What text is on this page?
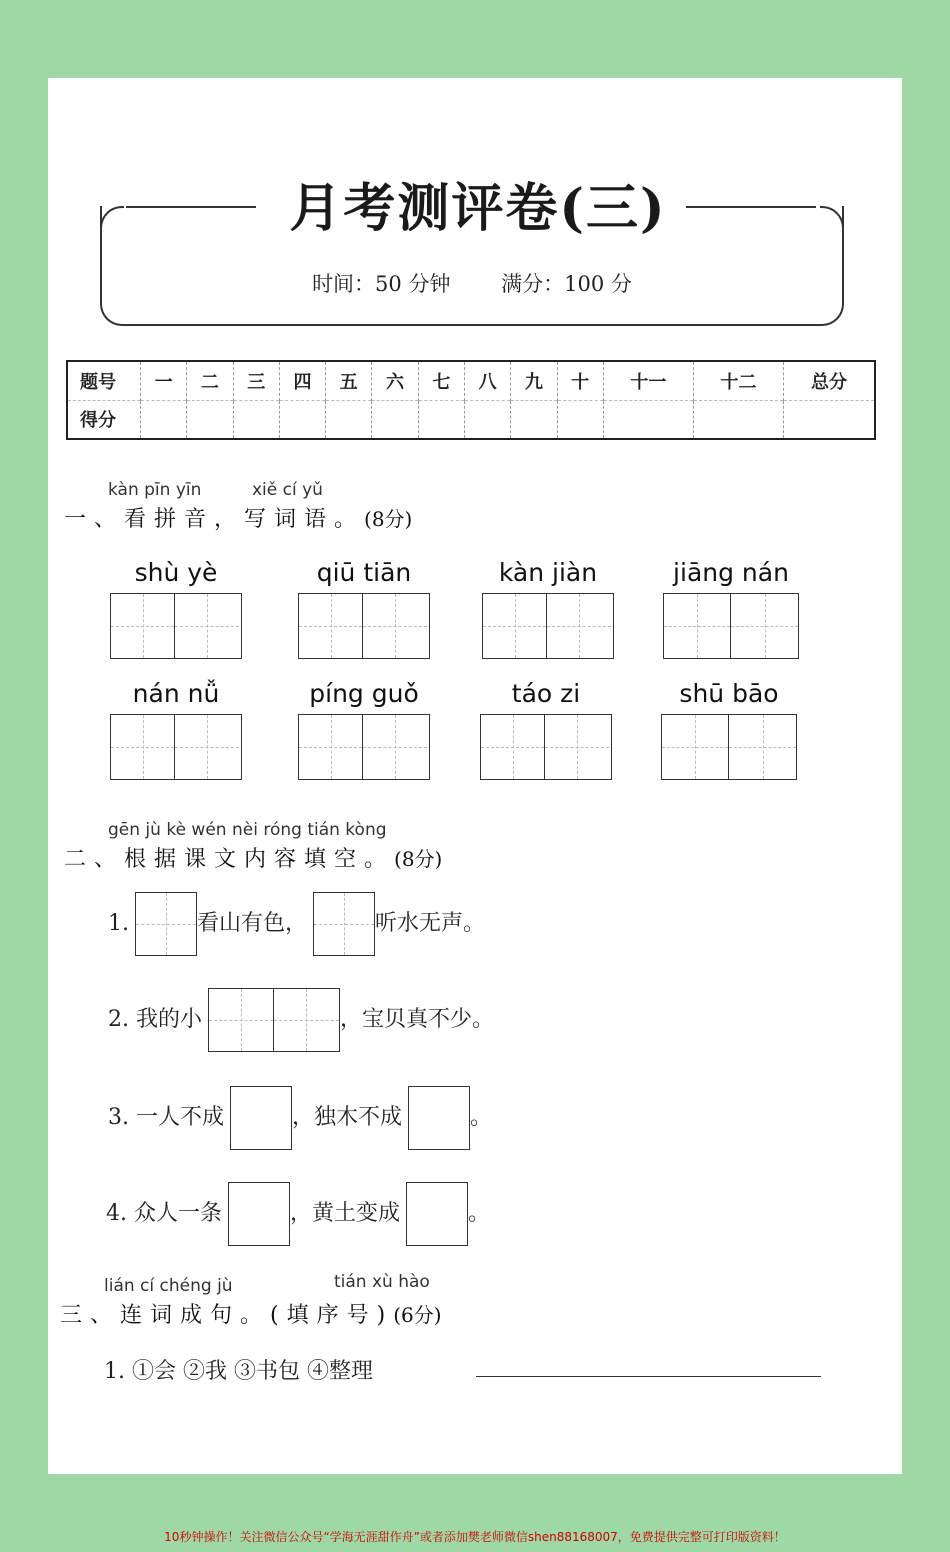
月考测评卷(三)
时间：50 分钟 满分：100 分
题号	一	二	三	四	五	六	七	八	九	十	十一	十二	总分
得分													
kàn pīn yīn	xiě cí yǔ
一、看拼音，写词语。(8分)
shù yè	qiū tiān	kàn jiàn	jiāng nán
nán nǚ	píng guǒ	táo zi	shū bāo
gēn jù kè wén nèi róng tián kòng
二、根据课文内容填空。(8分)
1.	看山有色，	听水无声。
2. 我的小	，宝贝真不少。
3. 一人不成	，独木不成	。
4. 众人一条	，黄土变成	。
lián cí chéng jù	tián xù hào
三、连词成句。(填序号)(6分)
1. ①会 ②我 ③书包 ④整理
10秒钟操作！关注微信公众号“学海无涯甜作舟”或者添加樊老师微信shen88168007，免费提供完整可打印版资料！
